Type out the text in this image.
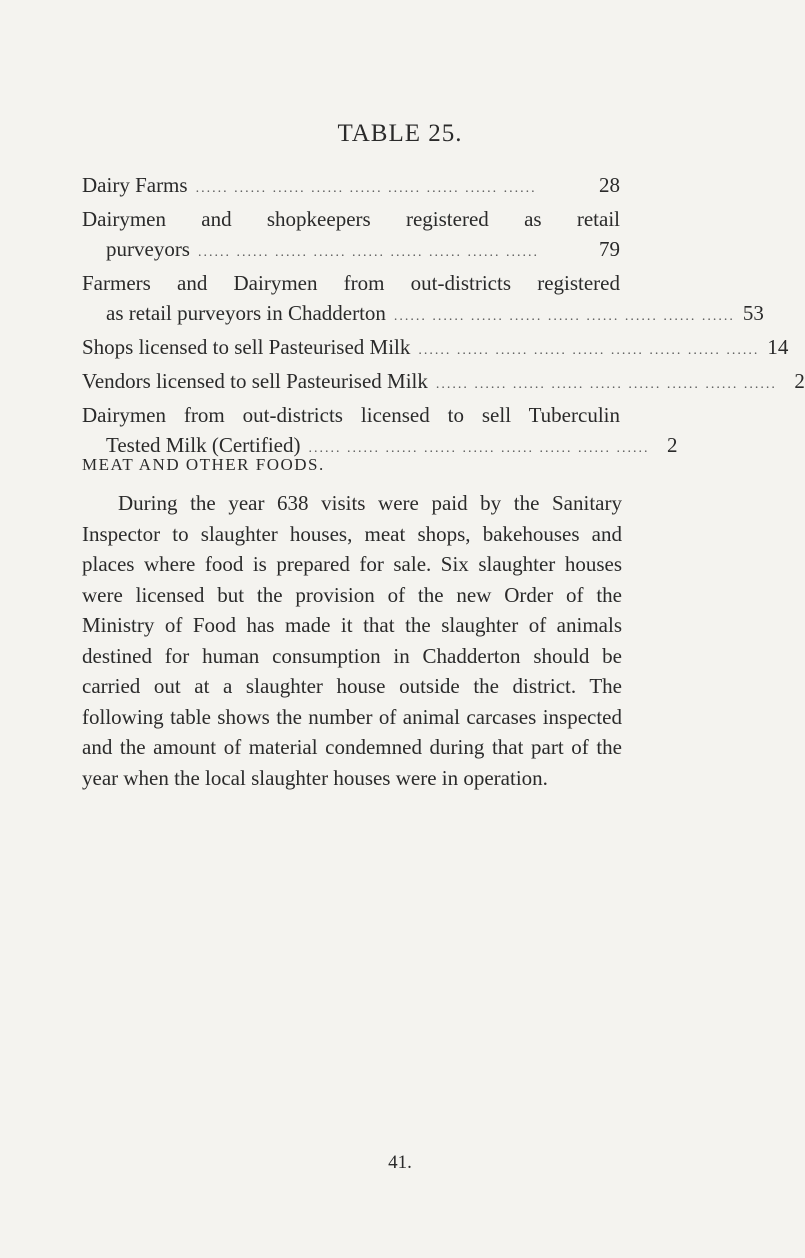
TABLE 25.
Dairy Farms ...... ...... ...... ...... ...... ...... ...... ...... ......	28
Dairymen and shopkeepers registered as retail
purveyors ...... ...... ...... ...... ...... ...... ...... ...... ......	79
Farmers and Dairymen from out-districts registered
as retail purveyors in Chadderton ...... ...... ...... ...... ...... ...... ...... ...... ...... 53
Shops licensed to sell Pasteurised Milk ...... ...... ...... ...... ...... ...... ...... ...... ...... 14
Vendors licensed to sell Pasteurised Milk ...... ...... ...... ...... ...... ...... ...... ...... ...... 2
Dairymen from out-districts licensed to sell Tuberculin
Tested Milk (Certified) ...... ...... ...... ...... ...... ...... ...... ...... ...... 2
MEAT AND OTHER FOODS.

During the year 638 visits were paid by the Sanitary Inspector to slaughter houses, meat shops, bakehouses and places where food is prepared for sale. Six slaughter houses were licensed but the provision of the new Order of the Ministry of Food has made it that the slaughter of animals destined for human consumption in Chadderton should be carried out at a slaughter house outside the district. The following table shows the number of animal carcases inspected and the amount of material condemned during that part of the year when the local slaughter houses were in operation.

41.
